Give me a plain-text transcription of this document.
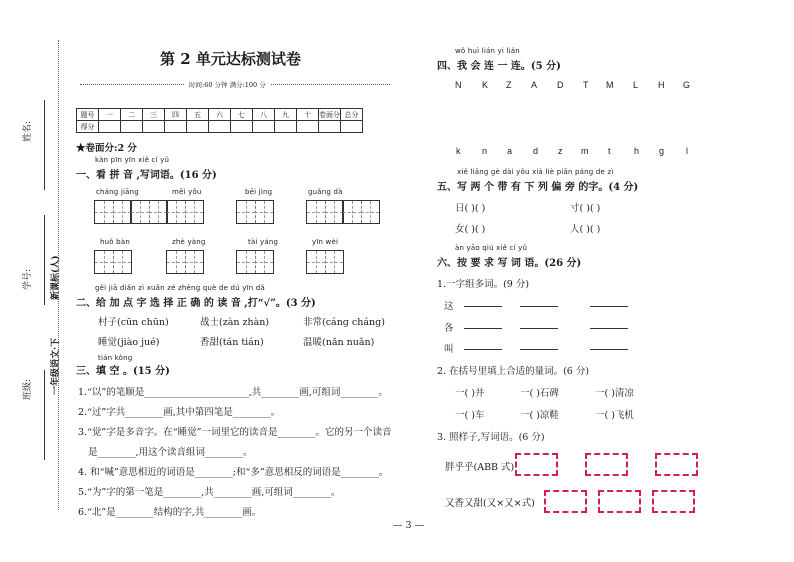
姓名:
学号:
班级:	一年级语文·下
新课标(人)
第 2 单元达标测试卷
时间:60 分钟 满分:100 分
题号	一	二	三	四	五	六	七	八	九	十	卷面分	总分
得分												
★卷面分:2 分
kàn pīn yīn xiě cí yǔ
一、看 拼 音 ,写词语。(16 分)
chánɡ jiānɡ	měi yǒu	bēi jìnɡ	ɡuǎnɡ dà
huǒ bàn	zhè yànɡ	tài yánɡ	yīn wèi
ɡěi jiā diǎn zì xuǎn zé zhènɡ què de dú yīn dǎ
二、给 加 点 字 选 择 正 确 的 读 音 ,打“√”。(3 分)
村子(cūn chūn)	战士(zàn zhàn)	非常(cánɡ chánɡ)
睡觉(jiào jué)	香甜(tán tián)	温暖(nǎn nuǎn)
tián kònɡ
三、填 空 。(15 分)
1.“以”的笔顺是______________________,共________画,可组词________。
2.“过”字共________画,其中第四笔是________。
3.“觉”字是多音字。在“睡觉”一词里它的读音是________。它的另一个读音
是________,用这个读音组词________。
4. 和“喊”意思相近的词语是________;和“多”意思相反的词语是________。
5.“为”字的第一笔是________,共________画,可组词________。
6.“北”是________结构的字,共________画。
wǒ huì lián yi lián
四、我 会 连 一 连。(5 分)
N K Z A D T M L H G
k n a d z m t	h g l
xiě liǎnɡ ɡè dài yǒu xià liè piān pánɡ de zì
五、写 两 个 带 有 下 列 偏 旁 的字。(4 分)
日( )( )	寸( )( )
女( )( )	人( )( )
àn yāo qiú xiě cí yǔ
六、按 要 求 写 词 语。(26 分)
1.一字组多词。(9 分)
这
各
叫
2. 在括号里填上合适的量词。(6 分)
一( )井	一( )石碑	一( )清凉
一( )车	一( )凉鞋	一( )飞机
3. 照样子,写词语。(6 分)
胖乎乎(ABB 式)
又香又甜(又×又×式)
— 3 —
